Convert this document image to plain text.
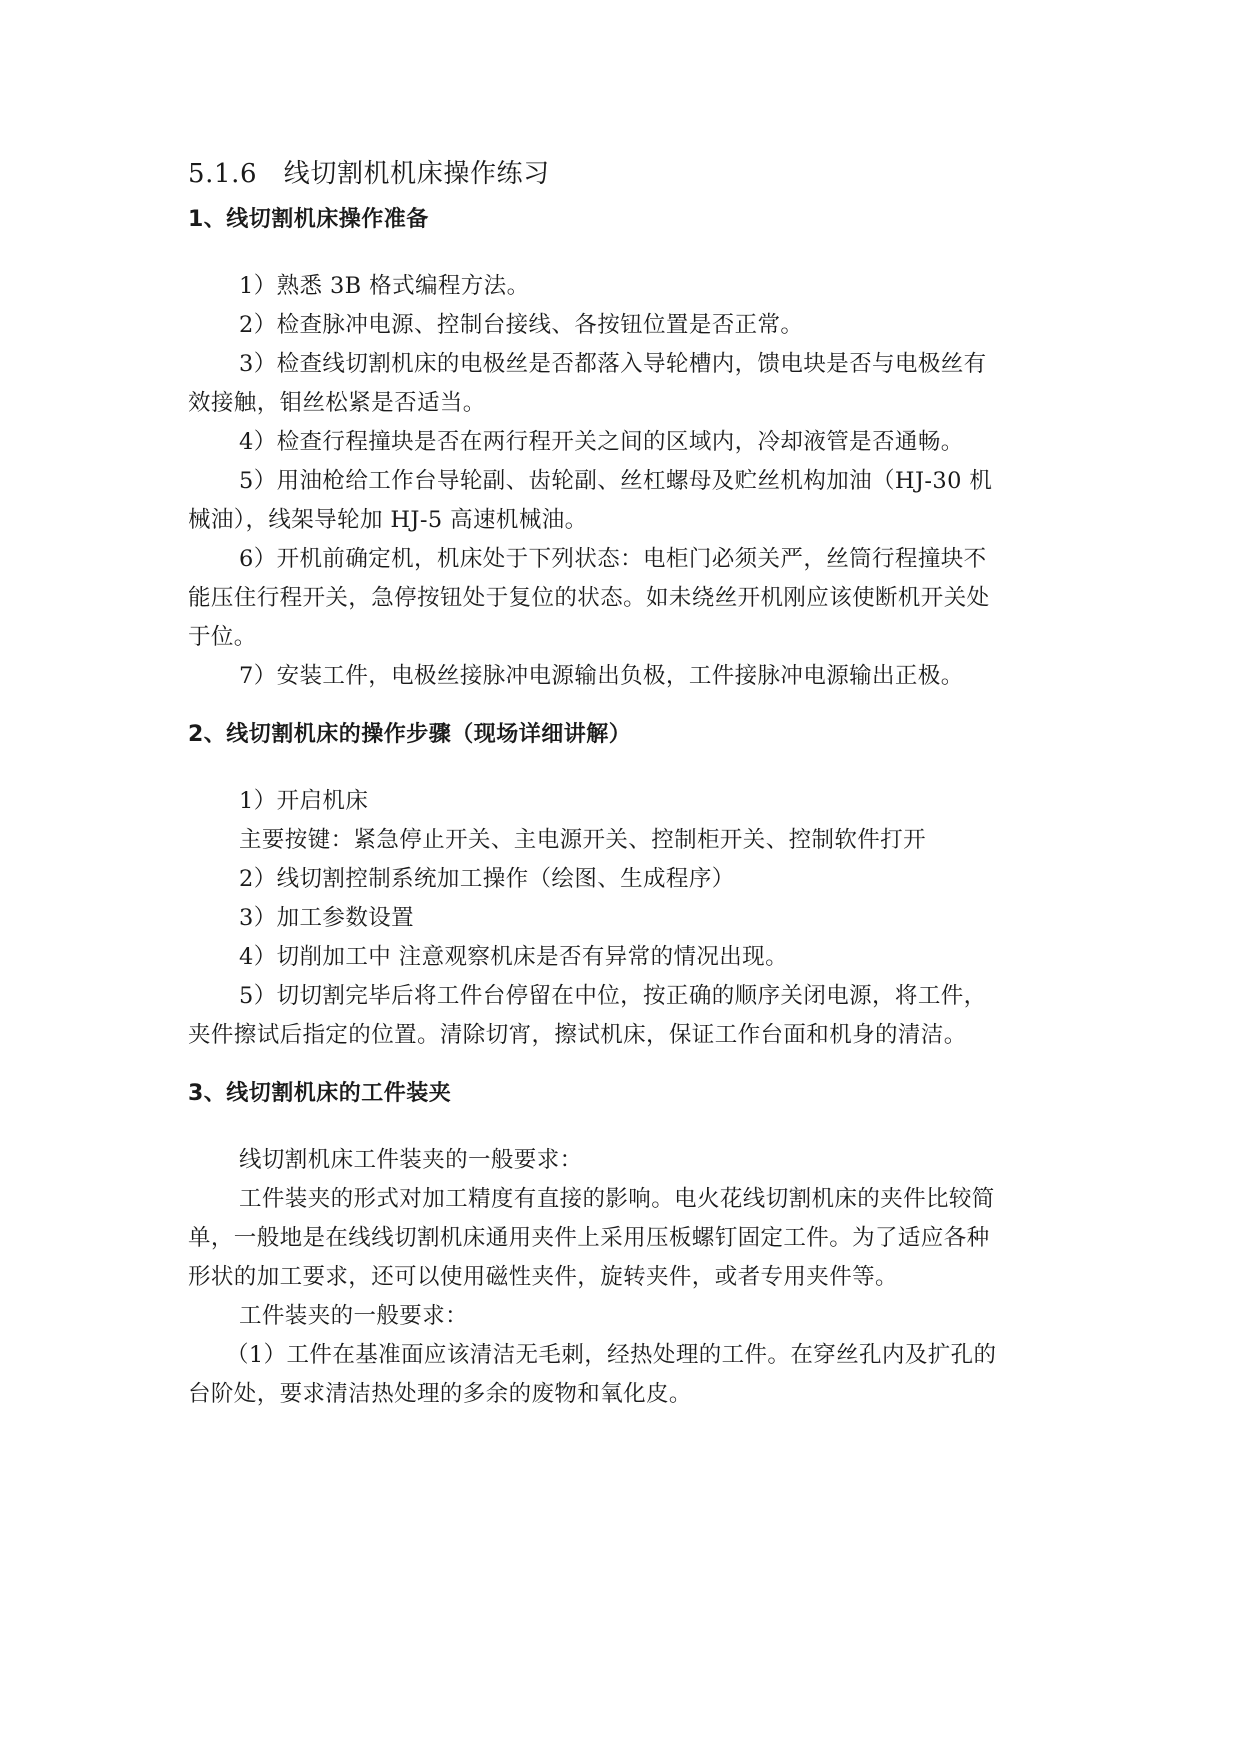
5.1.6　线切割机机床操作练习
1、线切割机床操作准备
1）熟悉 3B 格式编程方法。
2）检查脉冲电源、控制台接线、各按钮位置是否正常。
3）检查线切割机床的电极丝是否都落入导轮槽内，馈电块是否与电极丝有
效接触，钼丝松紧是否适当。
4）检查行程撞块是否在两行程开关之间的区域内，冷却液管是否通畅。
5）用油枪给工作台导轮副、齿轮副、丝杠螺母及贮丝机构加油（HJ-30 机
械油），线架导轮加 HJ-5 高速机械油。
6）开机前确定机，机床处于下列状态：电柜门必须关严，丝筒行程撞块不
能压住行程开关，急停按钮处于复位的状态。如未绕丝开机刚应该使断机开关处
于位。
7）安装工件，电极丝接脉冲电源输出负极，工件接脉冲电源输出正极。
2、线切割机床的操作步骤（现场详细讲解）
1）开启机床
主要按键：紧急停止开关、主电源开关、控制柜开关、控制软件打开
2）线切割控制系统加工操作（绘图、生成程序）
3）加工参数设置
4）切削加工中 注意观察机床是否有异常的情况出现。
5）切切割完毕后将工件台停留在中位，按正确的顺序关闭电源，将工件，
夹件擦试后指定的位置。清除切宵，擦试机床，保证工作台面和机身的清洁。
3、线切割机床的工件装夹
线切割机床工件装夹的一般要求：
工件装夹的形式对加工精度有直接的影响。电火花线切割机床的夹件比较简
单，一般地是在线线切割机床通用夹件上采用压板螺钉固定工件。为了适应各种
形状的加工要求，还可以使用磁性夹件，旋转夹件，或者专用夹件等。
工件装夹的一般要求：
（1）工件在基准面应该清洁无毛刺，经热处理的工件。在穿丝孔内及扩孔的
台阶处，要求清洁热处理的多余的废物和氧化皮。
